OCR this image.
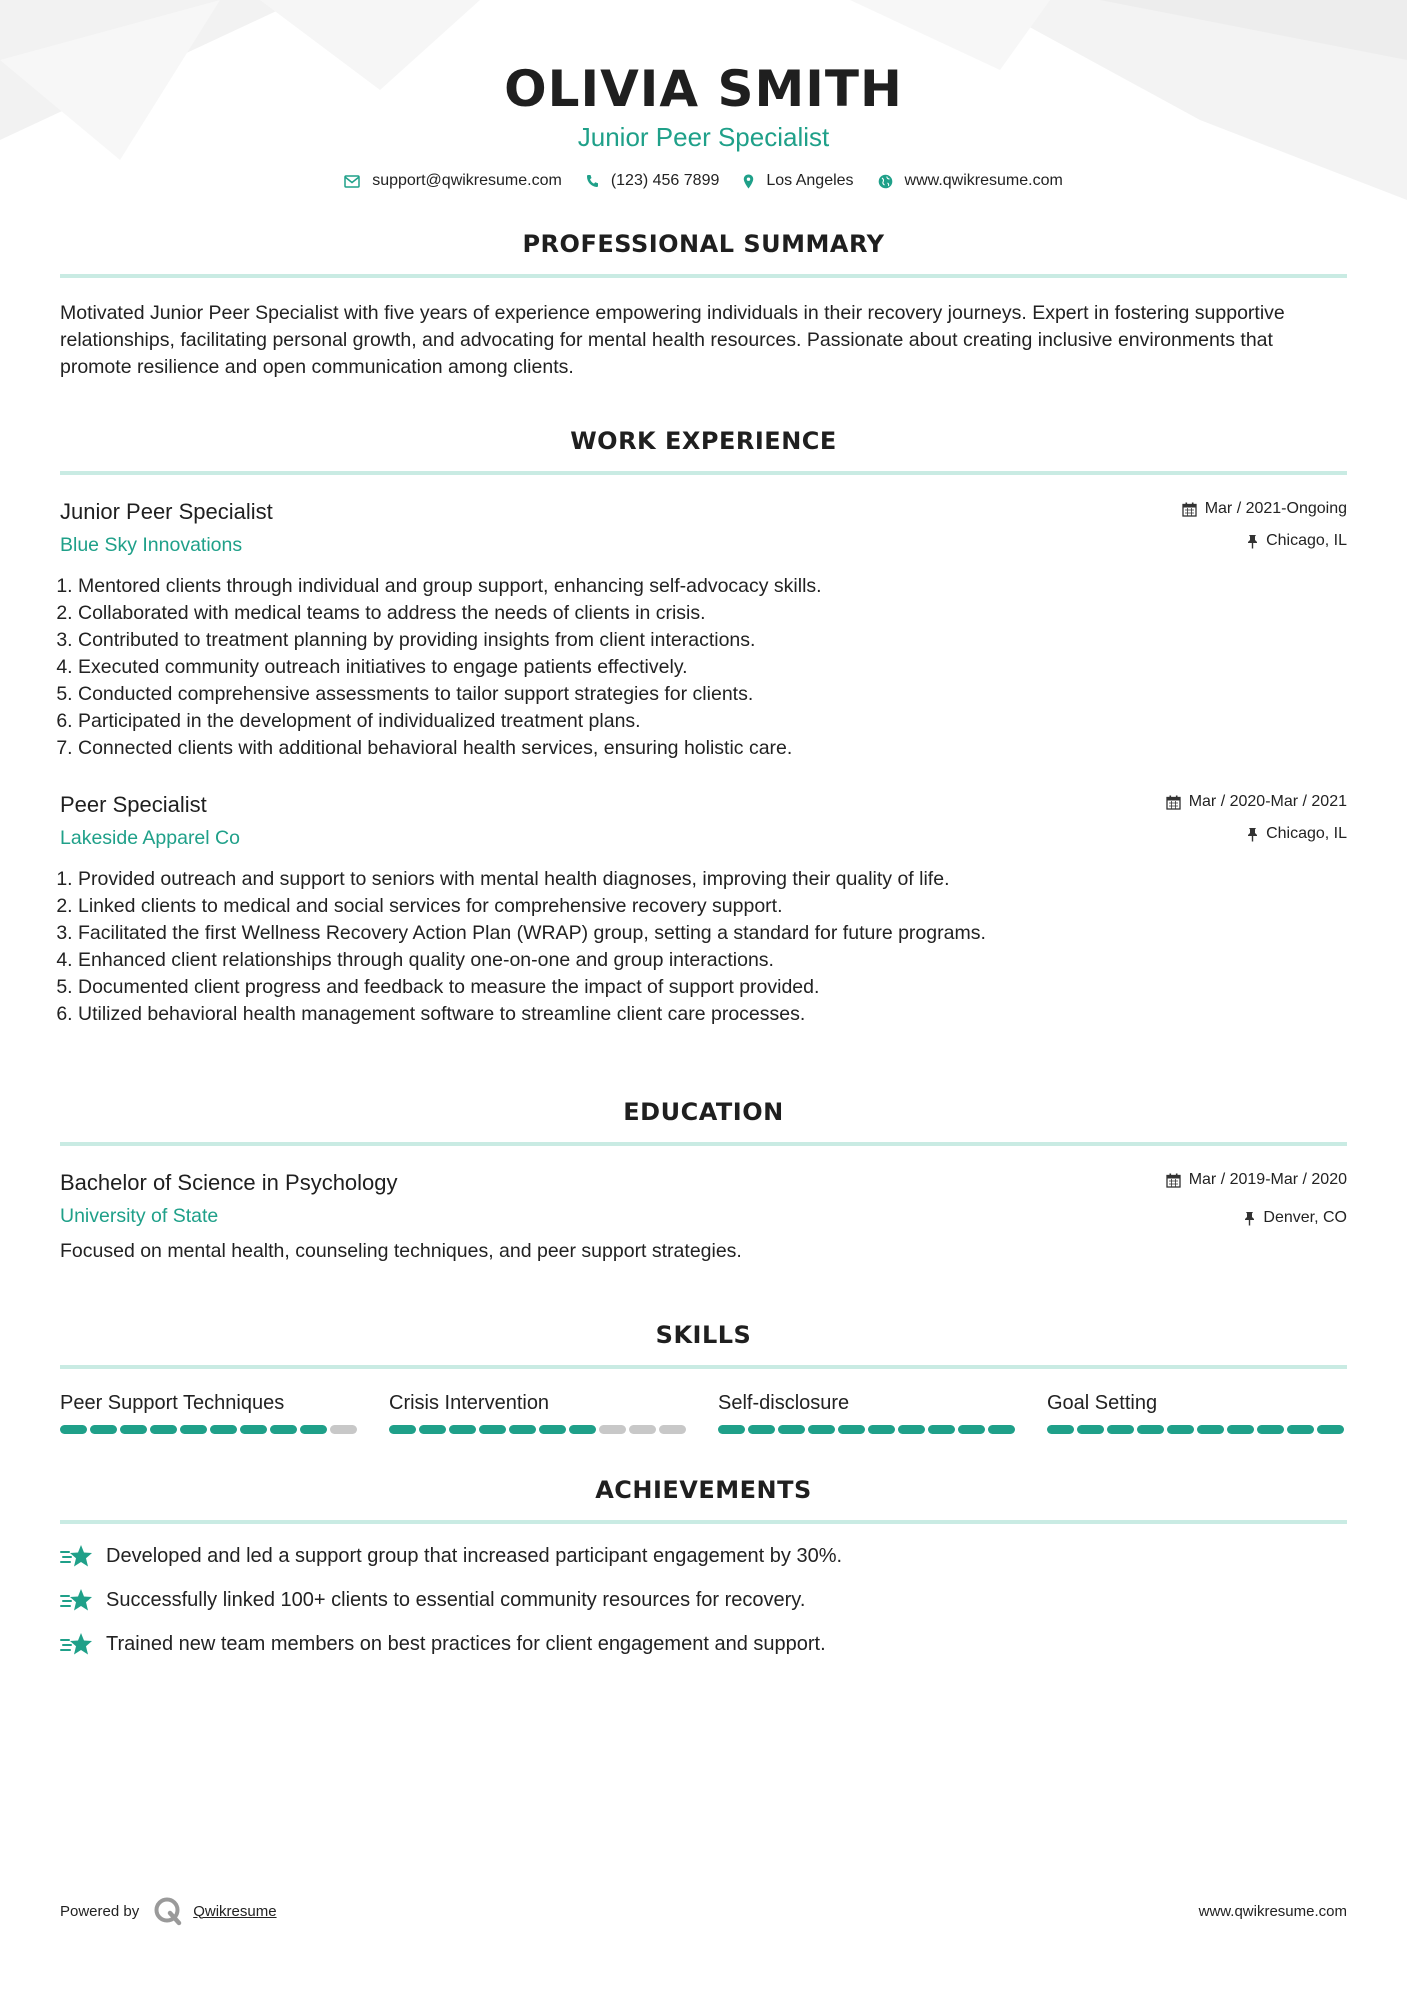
OLIVIA SMITH
Junior Peer Specialist
support@qwikresume.com	(123) 456 7899	Los Angeles	www.qwikresume.com
PROFESSIONAL SUMMARY
Motivated Junior Peer Specialist with five years of experience empowering individuals in their recovery journeys. Expert in fostering supportive relationships, facilitating personal growth, and advocating for mental health resources. Passionate about creating inclusive environments that promote resilience and open communication among clients.
WORK EXPERIENCE
Junior Peer Specialist
Blue Sky Innovations
Mar / 2021-Ongoing
Chicago, IL
1. Mentored clients through individual and group support, enhancing self-advocacy skills.
2. Collaborated with medical teams to address the needs of clients in crisis.
3. Contributed to treatment planning by providing insights from client interactions.
4. Executed community outreach initiatives to engage patients effectively.
5. Conducted comprehensive assessments to tailor support strategies for clients.
6. Participated in the development of individualized treatment plans.
7. Connected clients with additional behavioral health services, ensuring holistic care.
Peer Specialist
Lakeside Apparel Co
Mar / 2020-Mar / 2021
Chicago, IL
1. Provided outreach and support to seniors with mental health diagnoses, improving their quality of life.
2. Linked clients to medical and social services for comprehensive recovery support.
3. Facilitated the first Wellness Recovery Action Plan (WRAP) group, setting a standard for future programs.
4. Enhanced client relationships through quality one-on-one and group interactions.
5. Documented client progress and feedback to measure the impact of support provided.
6. Utilized behavioral health management software to streamline client care processes.
EDUCATION
Bachelor of Science in Psychology
University of State
Mar / 2019-Mar / 2020
Denver, CO
Focused on mental health, counseling techniques, and peer support strategies.
SKILLS
Peer Support Techniques	Crisis Intervention	Self-disclosure	Goal Setting
ACHIEVEMENTS
Developed and led a support group that increased participant engagement by 30%.
Successfully linked 100+ clients to essential community resources for recovery.
Trained new team members on best practices for client engagement and support.
Powered by	Qwikresume	www.qwikresume.com
